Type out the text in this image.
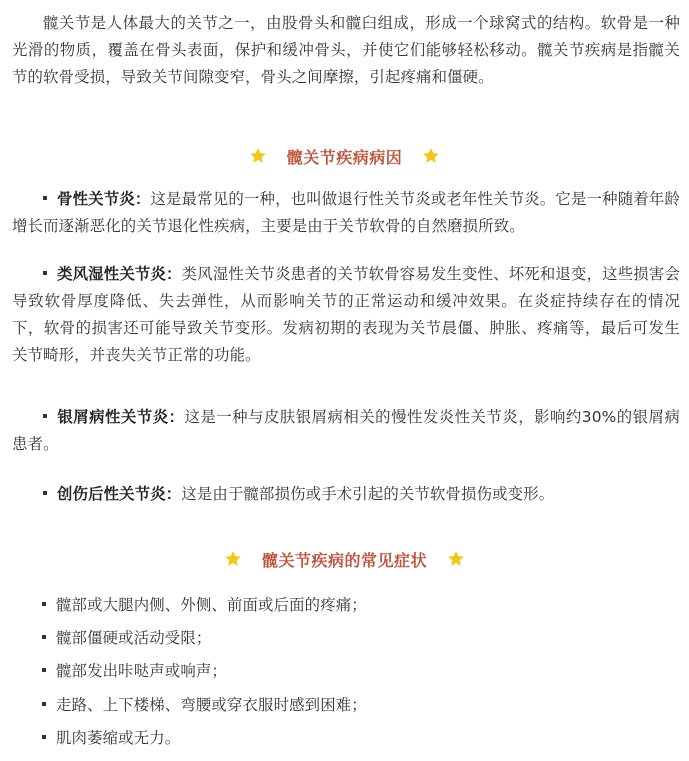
髋关节是人体最大的关节之一，由股骨头和髋臼组成，形成一个球窝式的结构。软骨是一种光滑的物质，覆盖在骨头表面，保护和缓冲骨头，并使它们能够轻松移动。髋关节疾病是指髋关节的软骨受损，导致关节间隙变窄，骨头之间摩擦，引起疼痛和僵硬。

髋关节疾病病因

骨性关节炎：这是最常见的一种，也叫做退行性关节炎或老年性关节炎。它是一种随着年龄增长而逐渐恶化的关节退化性疾病，主要是由于关节软骨的自然磨损所致。

类风湿性关节炎：类风湿性关节炎患者的关节软骨容易发生变性、坏死和退变，这些损害会导致软骨厚度降低、失去弹性，从而影响关节的正常运动和缓冲效果。在炎症持续存在的情况下，软骨的损害还可能导致关节变形。发病初期的表现为关节晨僵、肿胀、疼痛等，最后可发生关节畸形，并丧失关节正常的功能。

银屑病性关节炎：这是一种与皮肤银屑病相关的慢性发炎性关节炎，影响约30%的银屑病患者。

创伤后性关节炎：这是由于髋部损伤或手术引起的关节软骨损伤或变形。

髋关节疾病的常见症状
髋部或大腿内侧、外侧、前面或后面的疼痛；
髋部僵硬或活动受限；
髋部发出咔哒声或响声；
走路、上下楼梯、弯腰或穿衣服时感到困难；
肌肉萎缩或无力。
